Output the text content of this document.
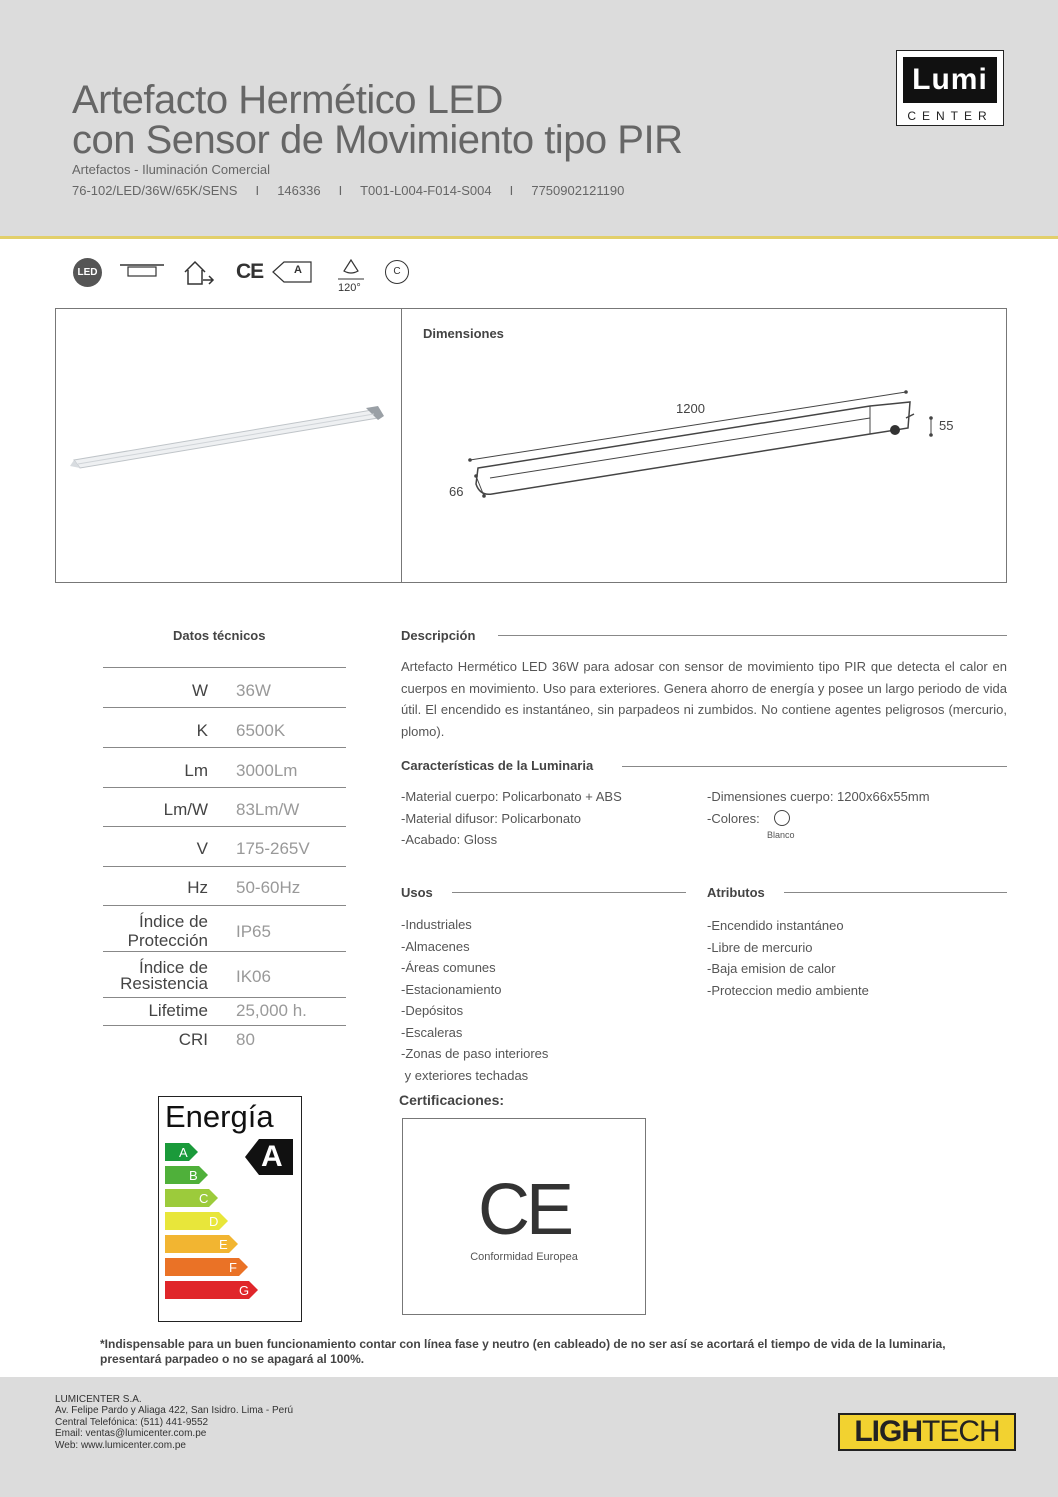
Artefacto Hermético LED
con Sensor de Movimiento tipo PIR
Artefactos - Iluminación Comercial
76-102/LED/36W/65K/SENS     I     146336     I     T001-L004-F014-S004     I     7750902121190
Lumi
CENTER
LED	CE	A
120°
C
Dimensiones
1200
55
66
Datos técnicos
W 36W
K 6500K
Lm 3000Lm
Lm/W 83Lm/W
V 175-265V
Hz 50-60Hz
Índice de Protección IP65
Índice de Resistencia IK06
Lifetime 25,000 h.
CRI 80
Descripción
Artefacto Hermético LED 36W para adosar con sensor de movimiento tipo PIR que detecta el calor en cuerpos en movimiento. Uso para exteriores. Genera ahorro de energía y posee un largo periodo de vida útil. El encendido es instantáneo, sin parpadeos ni zumbidos. No contiene agentes peligrosos (mercurio, plomo).
Características de la Luminaria
-Material cuerpo: Policarbonato + ABS
-Material difusor: Policarbonato
-Acabado: Gloss
-Dimensiones cuerpo: 1200x66x55mm
-Colores:
Blanco
Usos
-Industriales
-Almacenes
-Áreas comunes
-Estacionamiento
-Depósitos
-Escaleras
-Zonas de paso interiores
y exteriores techadas
Atributos
-Encendido instantáneo
-Libre de mercurio
-Baja emision de calor
-Proteccion medio ambiente
Energía
A
B
C
D
E
F
G
A
Certificaciones:
CE
Conformidad Europea
*Indispensable para un buen funcionamiento contar con línea fase y neutro (en cableado) de no ser así se acortará el tiempo de vida de la luminaria, presentará parpadeo o no se apagará al 100%.
LUMICENTER S.A.
Av. Felipe Pardo y Aliaga 422, San Isidro. Lima - Perú
Central Telefónica: (511) 441-9552
Email: ventas@lumicenter.com.pe
Web: www.lumicenter.com.pe	LIGHTECH
